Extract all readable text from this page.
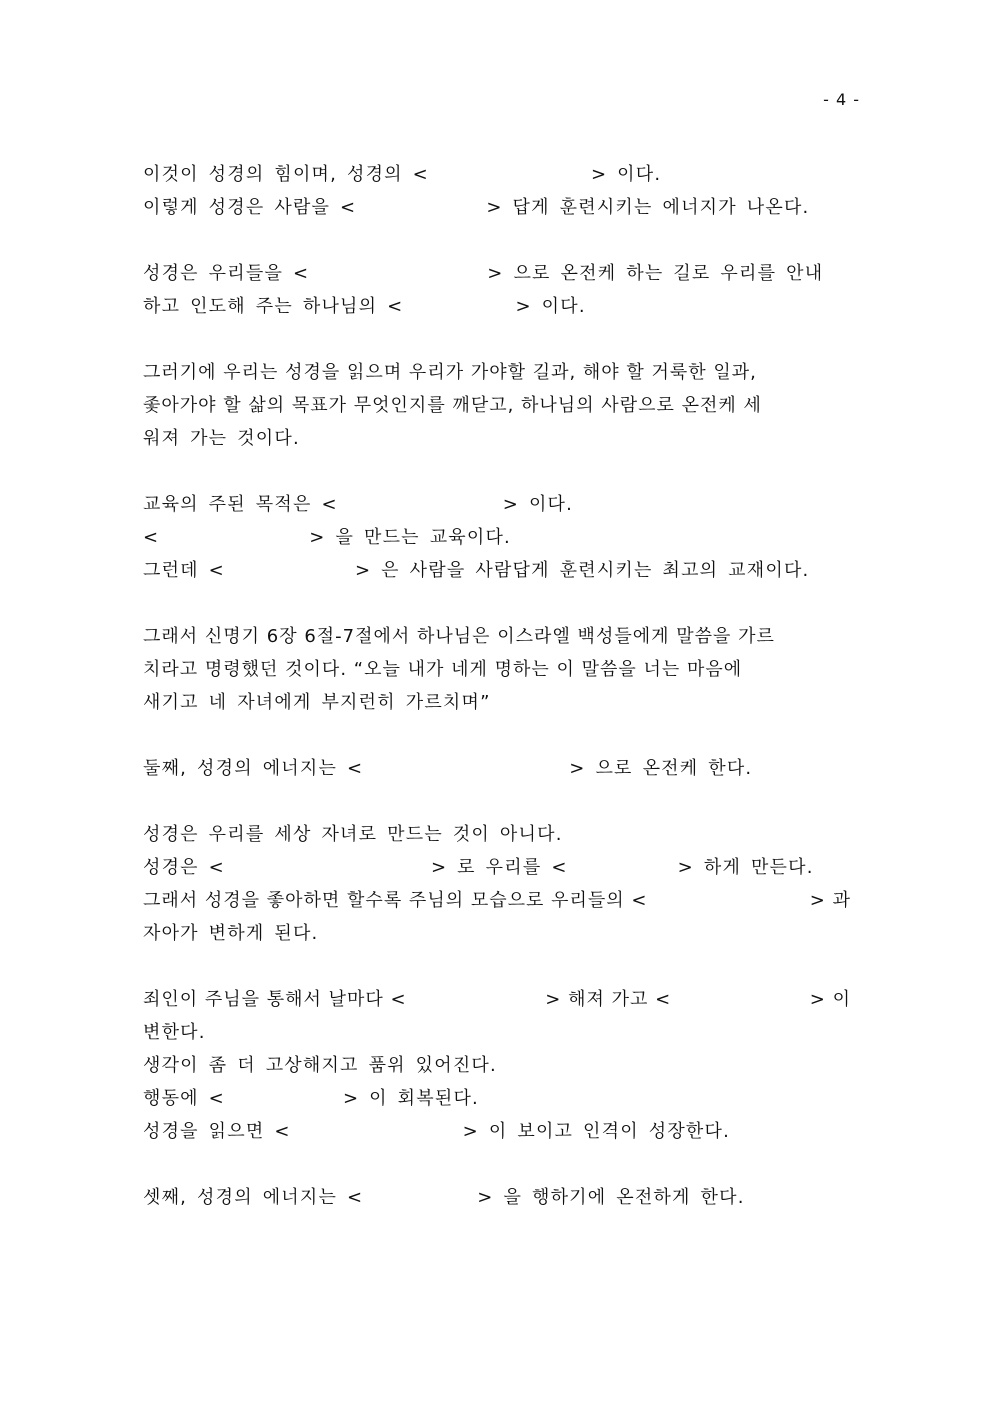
- 4 -
이것이 성경의 힘이며, 성경의 <	> 이다.
이렇게 성경은 사람을 <	> 답게 훈련시키는 에너지가 나온다.
성경은 우리들을 <	> 으로 온전케 하는 길로 우리를 안내
하고 인도해 주는 하나님의 <	> 이다.
그러기에 우리는 성경을 읽으며 우리가 가야할 길과, 해야 할 거룩한 일과,
좇아가야 할 삶의 목표가 무엇인지를 깨닫고, 하나님의 사람으로 온전케 세
워져 가는 것이다.
교육의 주된 목적은 <	> 이다.
<	> 을 만드는 교육이다.
그런데 <	> 은 사람을 사람답게 훈련시키는 최고의 교재이다.
그래서 신명기 6장 6절-7절에서 하나님은 이스라엘 백성들에게 말씀을 가르
치라고 명령했던 것이다. “오늘 내가 네게 명하는 이 말씀을 너는 마음에
새기고 네 자녀에게 부지런히 가르치며”
둘째, 성경의 에너지는 <	> 으로 온전케 한다.
성경은 우리를 세상 자녀로 만드는 것이 아니다.
성경은 <	> 로 우리를 <	> 하게 만든다.
그래서 성경을 좋아하면 할수록 주님의 모습으로 우리들의 <	> 과
자아가 변하게 된다.
죄인이 주님을 통해서 날마다 <	> 해져 가고 <	> 이
변한다.
생각이 좀 더 고상해지고 품위 있어진다.
행동에 <	> 이 회복된다.
성경을 읽으면 <	> 이 보이고 인격이 성장한다.
셋째, 성경의 에너지는 <	> 을 행하기에 온전하게 한다.
